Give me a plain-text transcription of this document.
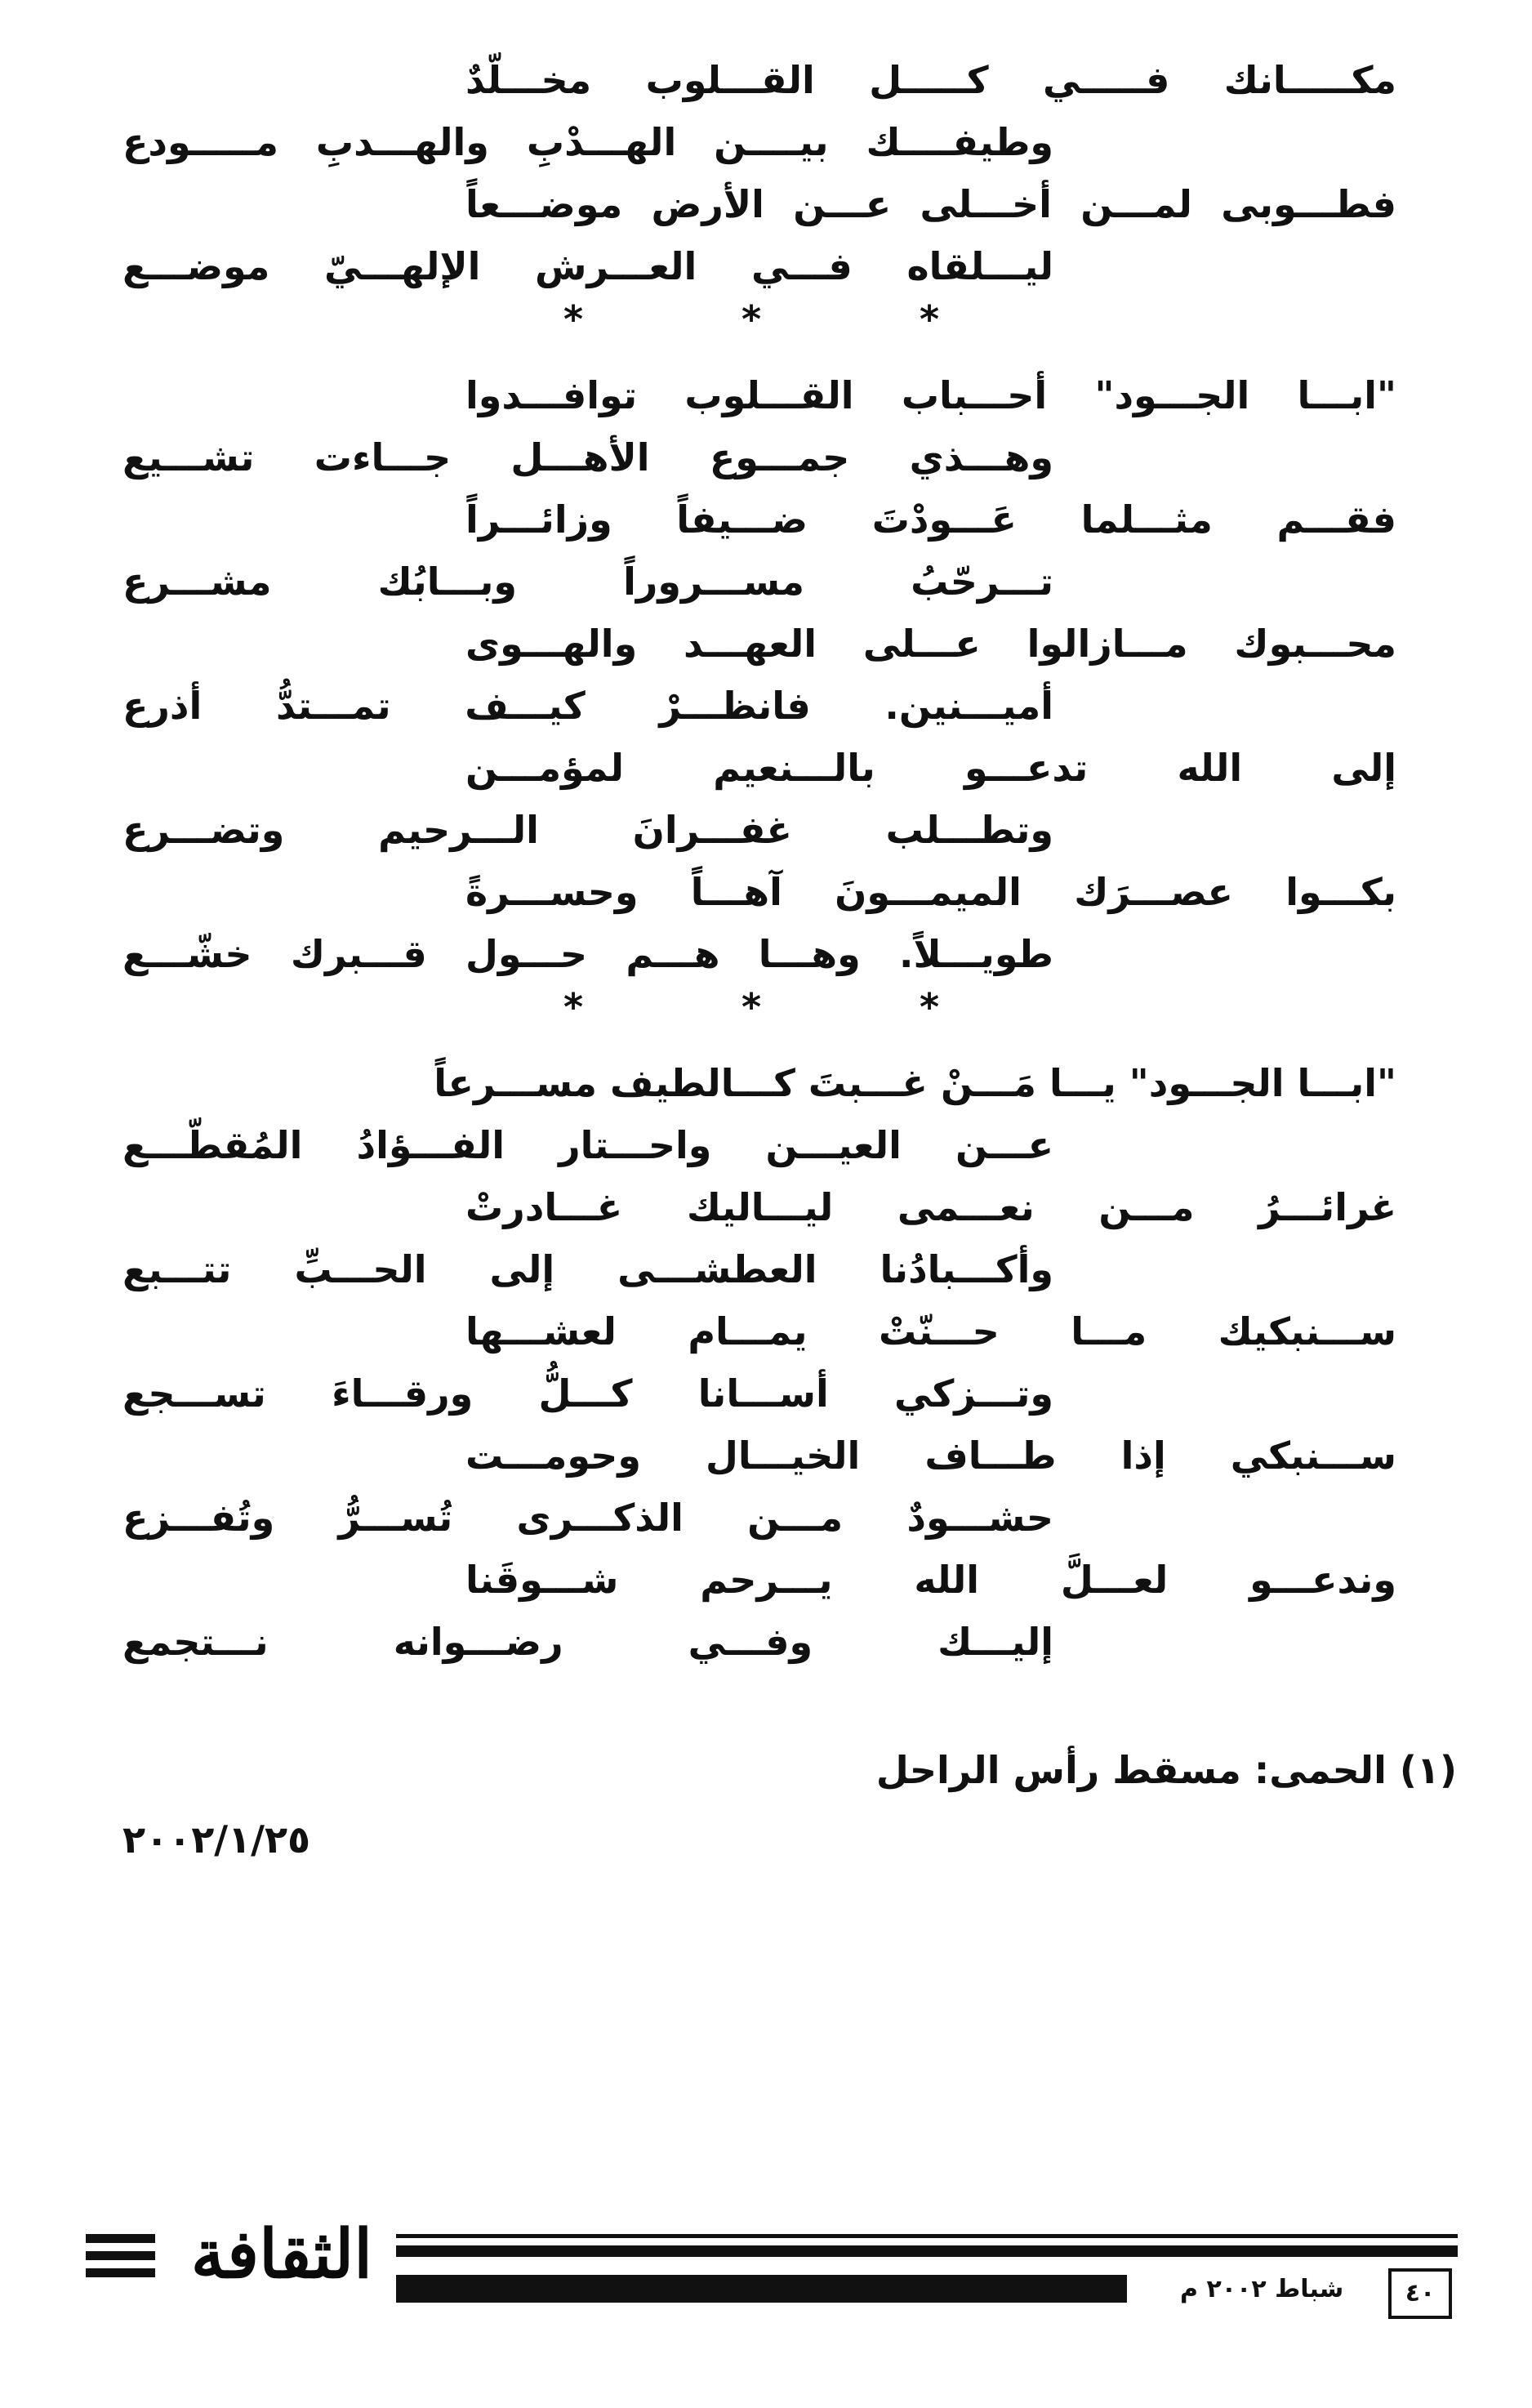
مكـــــانك فـــــي كـــــل القـــلوب مخـــلّدٌ
وطيفــــك بيــــن الهـــدْبِ والهـــدبِ مـــــودع
فطـــوبى لمـــن أخـــلى عـــن الأرض موضـــعاً
ليـــلقاه فـــي العـــرش الإلهـــيّ موضـــع
*
*
*
"ابـــا الجـــود" أحـــباب القـــلوب توافـــدوا
وهـــذي جمـــوع الأهـــل جـــاءت تشـــيع
فقـــم مثـــلما عَـــودْتَ ضـــيفاً وزائـــراً
تـــرحّبُ مســـروراً وبـــابُك مشـــرع
محـــبوك مـــازالوا عـــلى العهـــد والهـــوى
أميـــنين. فانظـــرْ كيـــف تمـــتدُّ أذرع
إلى الله تدعـــو بالـــنعيم لمؤمـــن
وتطـــلب غفـــرانَ الـــرحيم وتضـــرع
بكـــوا عصـــرَك الميمـــونَ آهـــاً وحســـرةً
طويـــلاً. وهـــا هـــم حـــول قـــبرك خشّـــع
*
*
*
"ابـــا الجـــود" يـــا مَـــنْ غـــبتَ كـــالطيف مســـرعاً
عـــن العيـــن واحـــتار الفـــؤادُ المُقطّـــع
غرائـــرُ مـــن نعـــمى ليـــاليك غـــادرتْ
وأكـــبادُنا العطشـــى إلى الحـــبِّ تتـــبع
ســـنبكيك مـــا حـــنّتْ يمـــام لعشـــها
وتـــزكي أســـانا كـــلُّ ورقـــاءَ تســـجع
ســـنبكي إذا طـــاف الخيـــال وحومـــت
حشـــودٌ مـــن الذكـــرى تُســـرُّ وتُفـــزع
وندعـــو لعـــلَّ الله يـــرحم شـــوقَنا
إليـــك وفـــي رضـــوانه نـــتجمع
(١) الحمى: مسقط رأس الراحل
٢٠٠٢/١/٢٥
الثقافة	شباط ٢٠٠٢ م	٤٠
